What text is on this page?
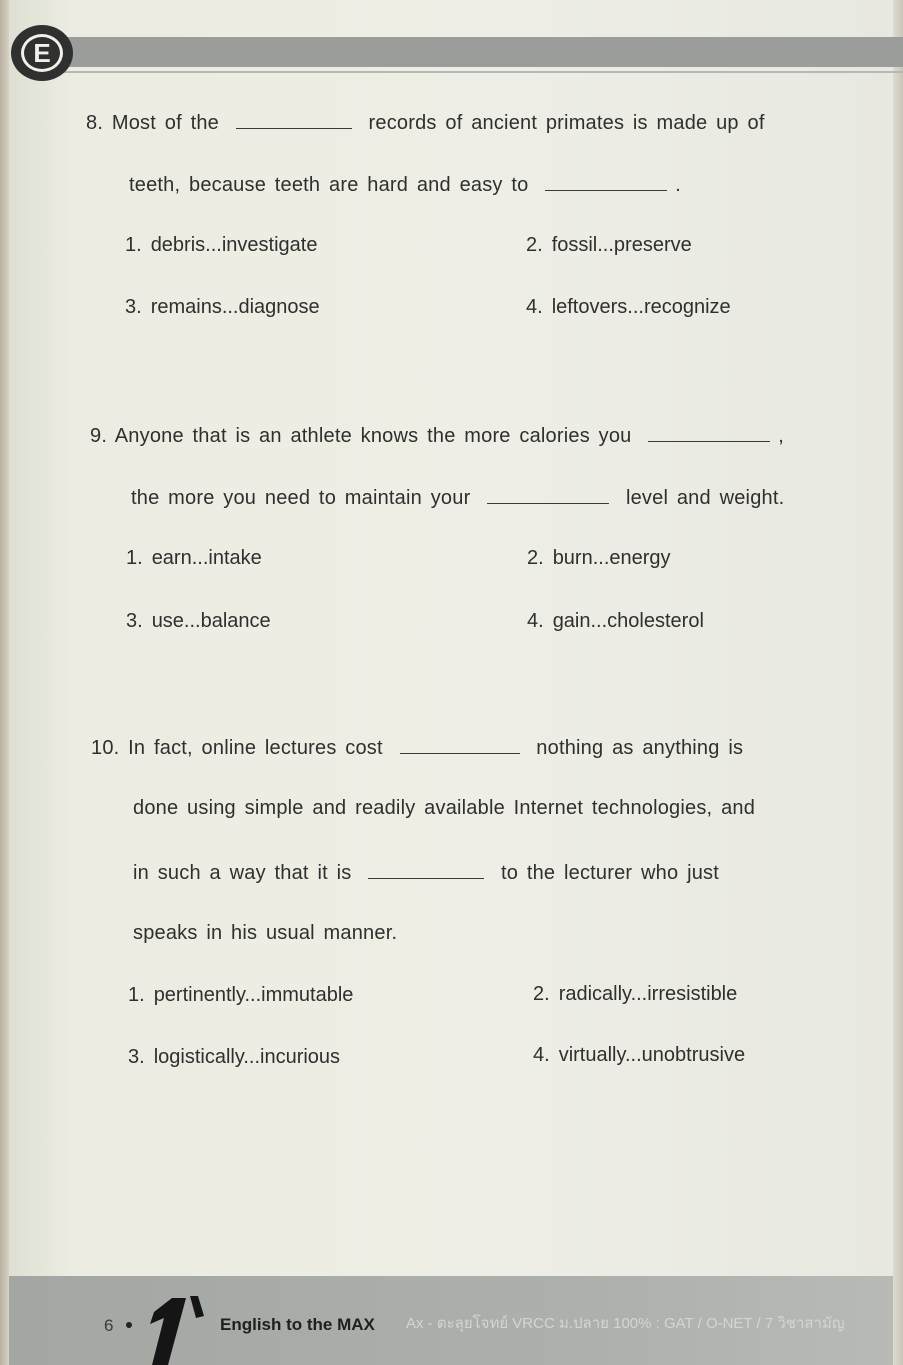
E
8. Most of the	records of ancient primates is made up of
teeth, because teeth are hard and easy to	.
1. debris...investigate	2. fossil...preserve
3. remains...diagnose	4. leftovers...recognize
9. Anyone that is an athlete knows the more calories you	,
the more you need to maintain your	level and weight.
1. earn...intake	2. burn...energy
3. use...balance	4. gain...cholesterol
10. In fact, online lectures cost	nothing as anything is
done using simple and readily available Internet technologies, and
in such a way that it is	to the lecturer who just
speaks in his usual manner.
1. pertinently...immutable	2. radically...irresistible
3. logistically...incurious	4. virtually...unobtrusive
6	English to the MAX Ax - ตะลุยโจทย์ VRCC ม.ปลาย 100% : GAT / O-NET / 7 วิชาสามัญ
